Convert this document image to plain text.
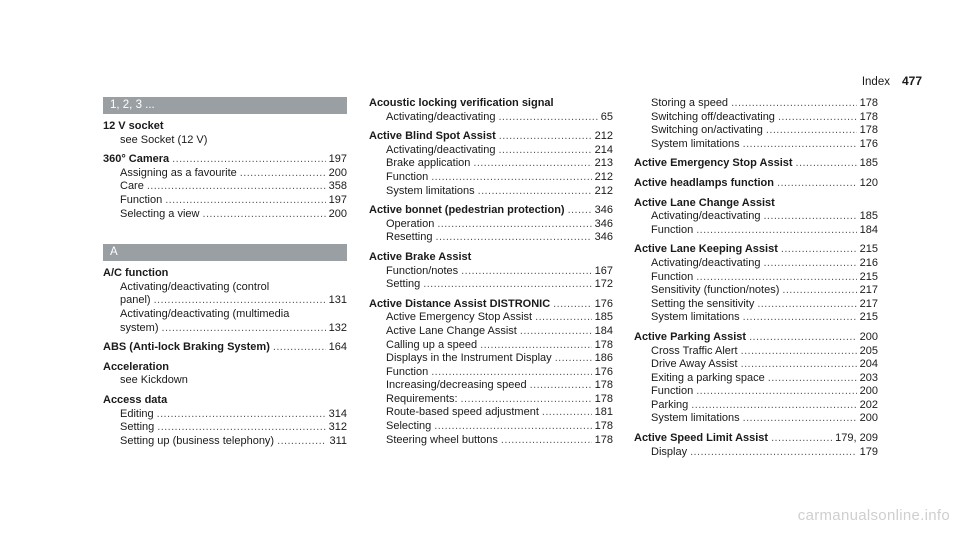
Index 477
1, 2, 3 ...
12 V socket
see Socket (12 V)
360° Camera .....	197
Assigning as a favourite .....	200
Care .....	358
Function .....	197
Selecting a view .....	200
A
A/C function
Activating/deactivating (control
panel) .....	131
Activating/deactivating (multimedia
system) .....	132
ABS (Anti-lock Braking System) .....	164
Acceleration
see Kickdown
Access data
Editing .....	314
Setting .....	312
Setting up (business telephony) .....	311
Acoustic locking verification signal
Activating/deactivating .....	65
Active Blind Spot Assist .....	212
Activating/deactivating .....	214
Brake application .....	213
Function .....	212
System limitations .....	212
Active bonnet (pedestrian protection) .....	346
Operation .....	346
Resetting .....	346
Active Brake Assist
Function/notes .....	167
Setting .....	172
Active Distance Assist DISTRONIC .....	176
Active Emergency Stop Assist .....	185
Active Lane Change Assist .....	184
Calling up a speed .....	178
Displays in the Instrument Display .....	186
Function .....	176
Increasing/decreasing speed .....	178
Requirements: .....	178
Route-based speed adjustment .....	181
Selecting .....	178
Steering wheel buttons .....	178
Storing a speed .....	178
Switching off/deactivating .....	178
Switching on/activating .....	178
System limitations .....	176
Active Emergency Stop Assist .....	185
Active headlamps function .....	120
Active Lane Change Assist
Activating/deactivating .....	185
Function .....	184
Active Lane Keeping Assist .....	215
Activating/deactivating .....	216
Function .....	215
Sensitivity (function/notes) .....	217
Setting the sensitivity .....	217
System limitations .....	215
Active Parking Assist .....	200
Cross Traffic Alert .....	205
Drive Away Assist .....	204
Exiting a parking space .....	203
Function .....	200
Parking .....	202
System limitations .....	200
Active Speed Limit Assist .....	179, 209
Display .....	179
carmanualsonline.info
